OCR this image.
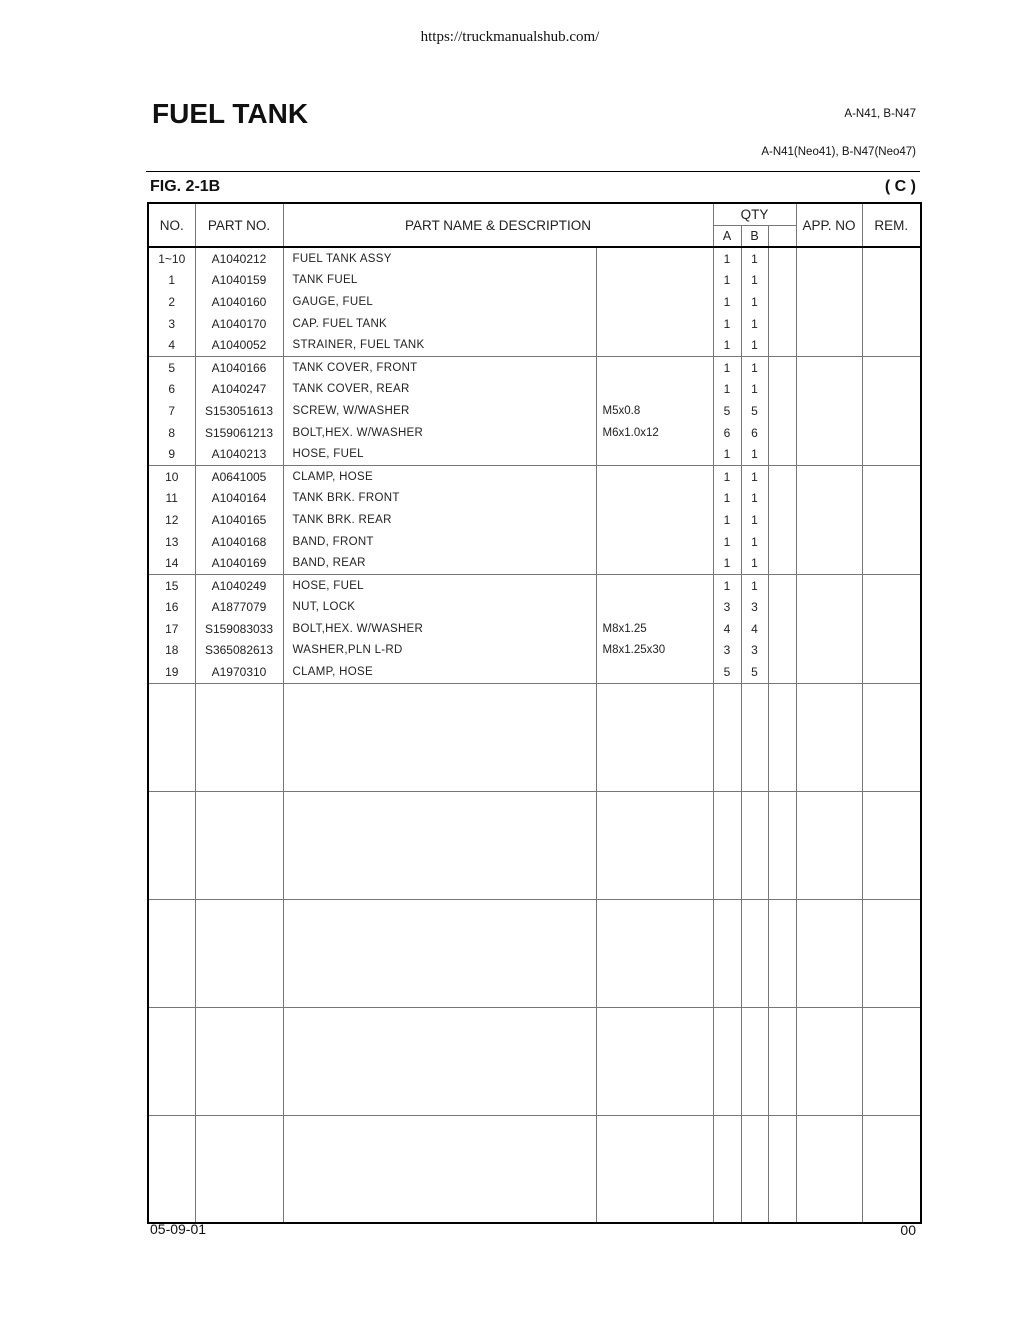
https://truckmanualshub.com/
FUEL TANK	A-N41, B-N47
A-N41(Neo41), B-N47(Neo47)
FIG. 2-1B	( C )
NO.	PART NO.	PART NAME & DESCRIPTION		QTY			APP. NO	REM.
				A	B			
1~10	A1040212	FUEL TANK ASSY		1	1			
1	A1040159	TANK FUEL		1	1			
2	A1040160	GAUGE, FUEL		1	1			
3	A1040170	CAP. FUEL TANK		1	1			
4	A1040052	STRAINER, FUEL TANK		1	1			
5	A1040166	TANK COVER, FRONT		1	1			
6	A1040247	TANK COVER, REAR		1	1			
7	S153051613	SCREW, W/WASHER	M5x0.8	5	5			
8	S159061213	BOLT,HEX. W/WASHER	M6x1.0x12	6	6			
9	A1040213	HOSE, FUEL		1	1			
10	A0641005	CLAMP, HOSE		1	1			
11	A1040164	TANK BRK. FRONT		1	1			
12	A1040165	TANK BRK. REAR		1	1			
13	A1040168	BAND, FRONT		1	1			
14	A1040169	BAND, REAR		1	1			
15	A1040249	HOSE, FUEL		1	1			
16	A1877079	NUT, LOCK		3	3			
17	S159083033	BOLT,HEX. W/WASHER	M8x1.25	4	4			
18	S365082613	WASHER,PLN L-RD	M8x1.25x30	3	3			
19	A1970310	CLAMP, HOSE		5	5			

05-09-01	00
